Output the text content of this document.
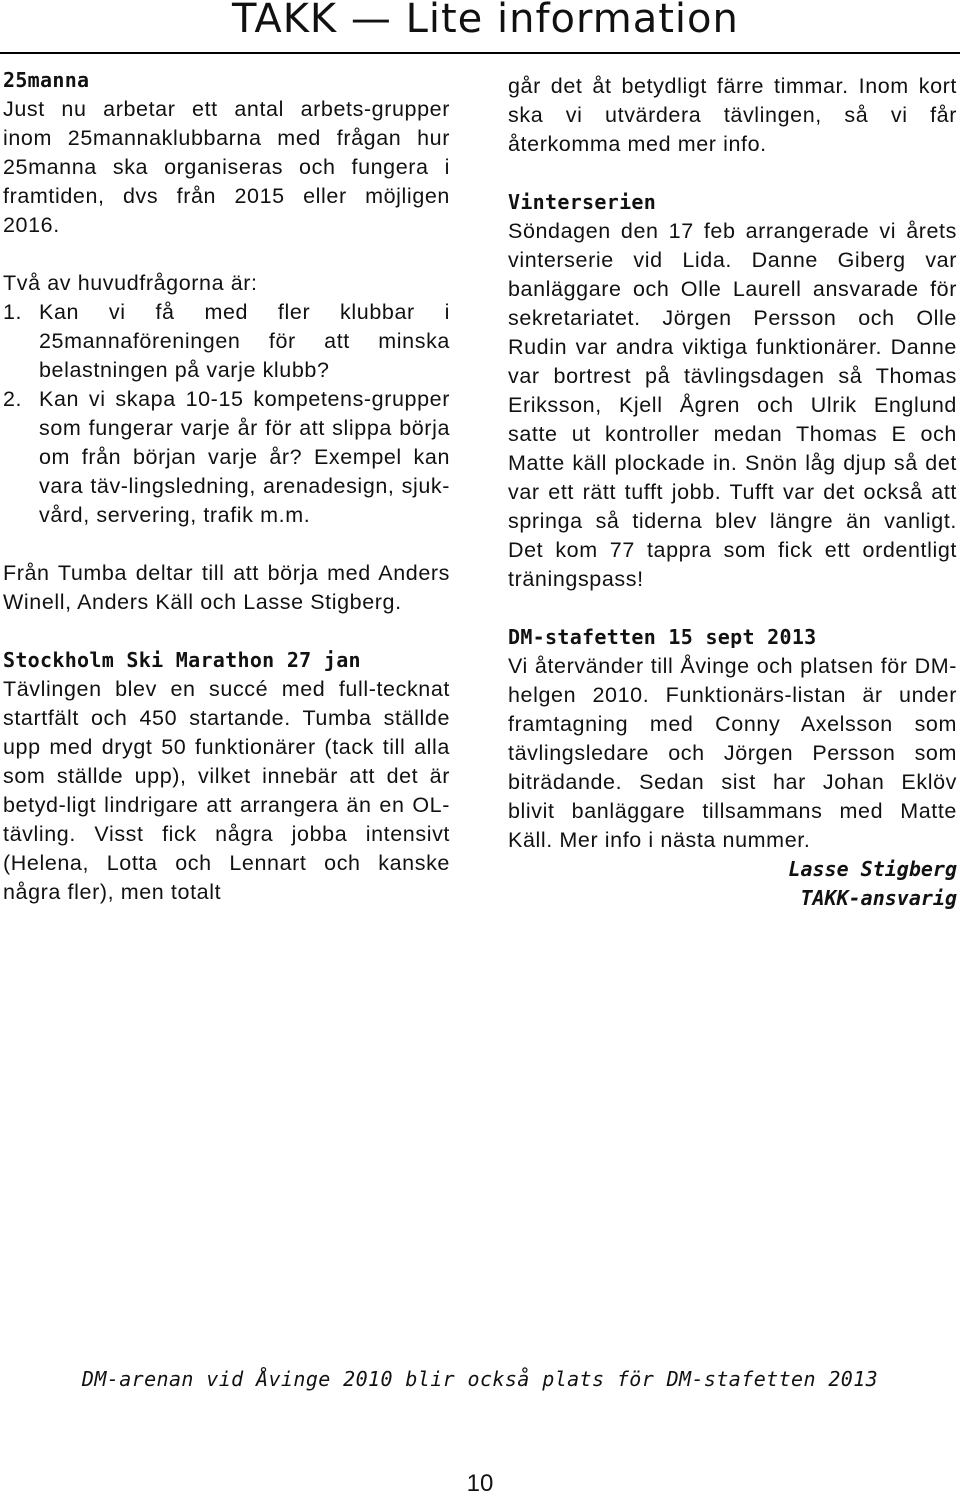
TAKK — Lite information
25manna

Just nu arbetar ett antal arbets-grupper inom 25mannaklubbarna med frågan hur 25manna ska organiseras och fungera i framtiden, dvs från 2015 eller möjligen 2016.

Två av huvudfrågorna är:

1. Kan vi få med fler klubbar i 25mannaföreningen för att minska belastningen på varje klubb?
2. Kan vi skapa 10-15 kompetens-grupper som fungerar varje år för att slippa börja om från början varje år? Exempel kan vara täv-lingsledning, arenadesign, sjuk-vård, servering, trafik m.m.

Från Tumba deltar till att börja med Anders Winell, Anders Käll och Lasse Stigberg.

Stockholm Ski Marathon 27 jan

Tävlingen blev en succé med full-tecknat startfält och 450 startande. Tumba ställde upp med drygt 50 funktionärer (tack till alla som ställde upp), vilket innebär att det är betyd-ligt lindrigare att arrangera än en OL-tävling. Visst fick några jobba intensivt (Helena, Lotta och Lennart och kanske några fler), men totalt

går det åt betydligt färre timmar. Inom kort ska vi utvärdera tävlingen, så vi får återkomma med mer info.

Vinterserien

Söndagen den 17 feb arrangerade vi årets vinterserie vid Lida. Danne Giberg var banläggare och Olle Laurell ansvarade för sekretariatet. Jörgen Persson och Olle Rudin var andra viktiga funktionärer. Danne var bortrest på tävlingsdagen så Thomas Eriksson, Kjell Ågren och Ulrik Englund satte ut kontroller medan Thomas E och Matte käll plockade in. Snön låg djup så det var ett rätt tufft jobb. Tufft var det också att springa så tiderna blev längre än vanligt. Det kom 77 tappra som fick ett ordentligt träningspass!

DM-stafetten 15 sept 2013

Vi återvänder till Åvinge och platsen för DM-helgen 2010. Funktionärs-listan är under framtagning med Conny Axelsson som tävlingsledare och Jörgen Persson som biträdande. Sedan sist har Johan Eklöv blivit banläggare tillsammans med Matte Käll. Mer info i nästa nummer.

Lasse Stigberg
TAKK-ansvarig
DM-arenan vid Åvinge 2010 blir också plats för DM-stafetten 2013
10
